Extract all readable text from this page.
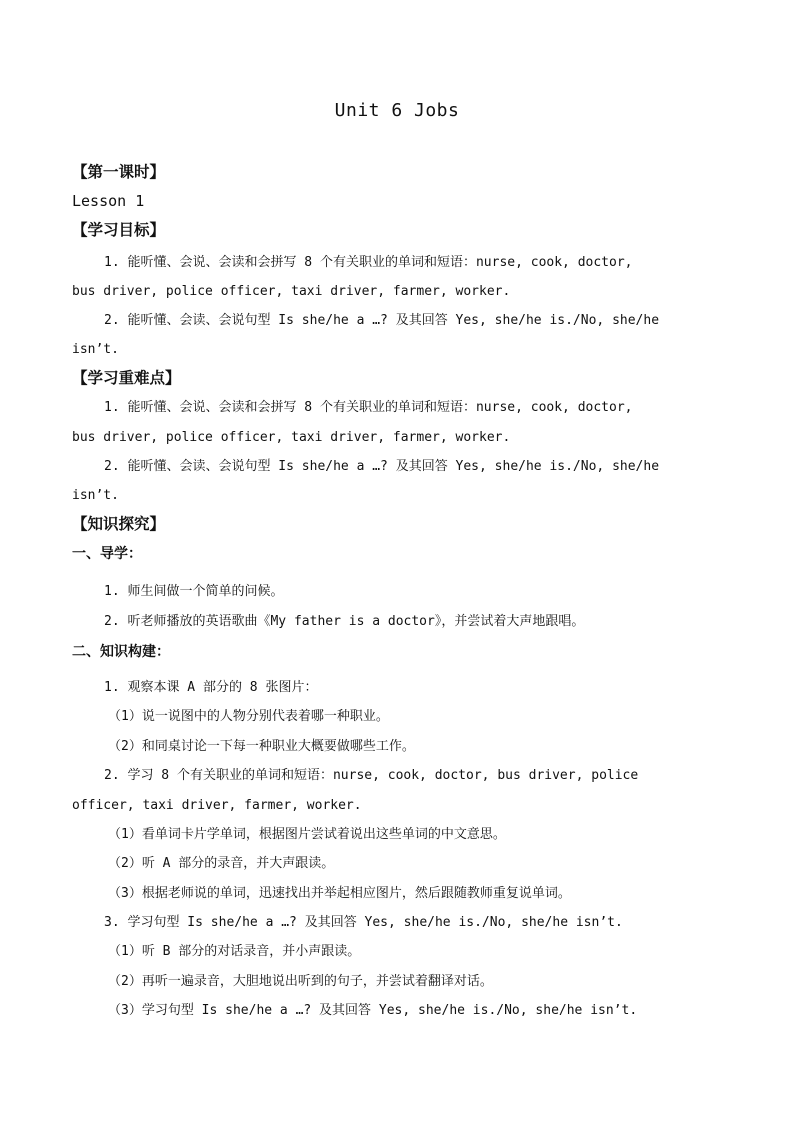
Unit 6 Jobs
【第一课时】
Lesson 1
【学习目标】
1. 能听懂、会说、会读和会拼写 8 个有关职业的单词和短语：nurse, cook, doctor,
bus driver, police officer, taxi driver, farmer, worker.
2. 能听懂、会读、会说句型 Is she/he a …? 及其回答 Yes, she/he is./No, she/he
isn’t.
【学习重难点】
1. 能听懂、会说、会读和会拼写 8 个有关职业的单词和短语：nurse, cook, doctor,
bus driver, police officer, taxi driver, farmer, worker.
2. 能听懂、会读、会说句型 Is she/he a …? 及其回答 Yes, she/he is./No, she/he
isn’t.
【知识探究】
一、导学：
1. 师生间做一个简单的问候。
2. 听老师播放的英语歌曲《My father is a doctor》，并尝试着大声地跟唱。
二、知识构建：
1. 观察本课 A 部分的 8 张图片：
（1）说一说图中的人物分别代表着哪一种职业。
（2）和同桌讨论一下每一种职业大概要做哪些工作。
2. 学习 8 个有关职业的单词和短语：nurse, cook, doctor, bus driver, police
officer, taxi driver, farmer, worker.
（1）看单词卡片学单词，根据图片尝试着说出这些单词的中文意思。
（2）听 A 部分的录音，并大声跟读。
（3）根据老师说的单词，迅速找出并举起相应图片，然后跟随教师重复说单词。
3. 学习句型 Is she/he a …? 及其回答 Yes, she/he is./No, she/he isn’t.
（1）听 B 部分的对话录音，并小声跟读。
（2）再听一遍录音，大胆地说出听到的句子，并尝试着翻译对话。
（3）学习句型 Is she/he a …? 及其回答 Yes, she/he is./No, she/he isn’t.
